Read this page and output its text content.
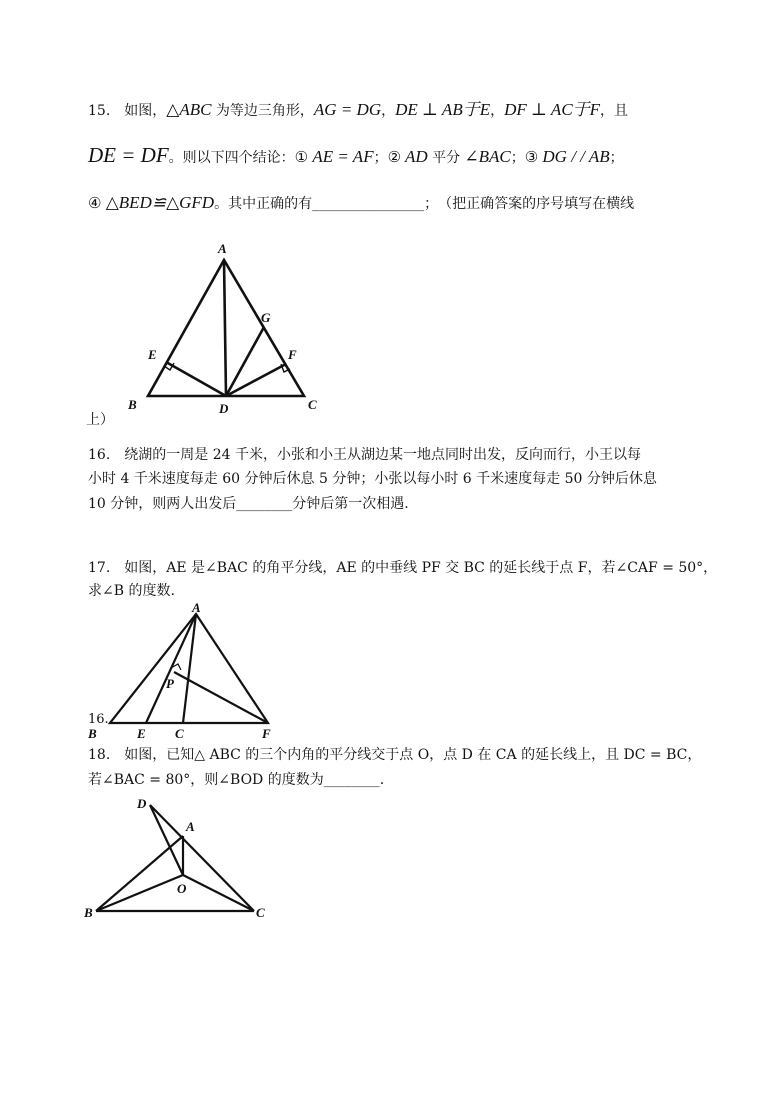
15.　如图，△ABC 为等边三角形，AG = DG，DE ⊥ AB于E，DF ⊥ AC于F，且
DE = DF。则以下四个结论：① AE = AF；② AD 平分 ∠BAC；③ DG / / AB；
④ △BED≌△GFD。其中正确的有________________；　（把正确答案的序号填写在横线
A
E
G
F
B	D	C
上）
16.　绕湖的一周是 24 千米，小张和小王从湖边某一地点同时出发，反向而行，小王以每
小时 4 千米速度每走 60 分钟后休息 5 分钟；小张以每小时 6 千米速度每走 50 分钟后休息
10 分钟，则两人出发后________分钟后第一次相遇.
17.　如图，AE 是∠BAC 的角平分线，AE 的中垂线 PF 交 BC 的延长线于点 F，若∠CAF = 50°，
求∠B 的度数.
A
P
16.
B	E C	F
18.　如图，已知△ ABC 的三个内角的平分线交于点 O，点 D 在 CA 的延长线上，且 DC = BC，
若∠BAC = 80°，则∠BOD 的度数为________.
D
A
O
B	C
